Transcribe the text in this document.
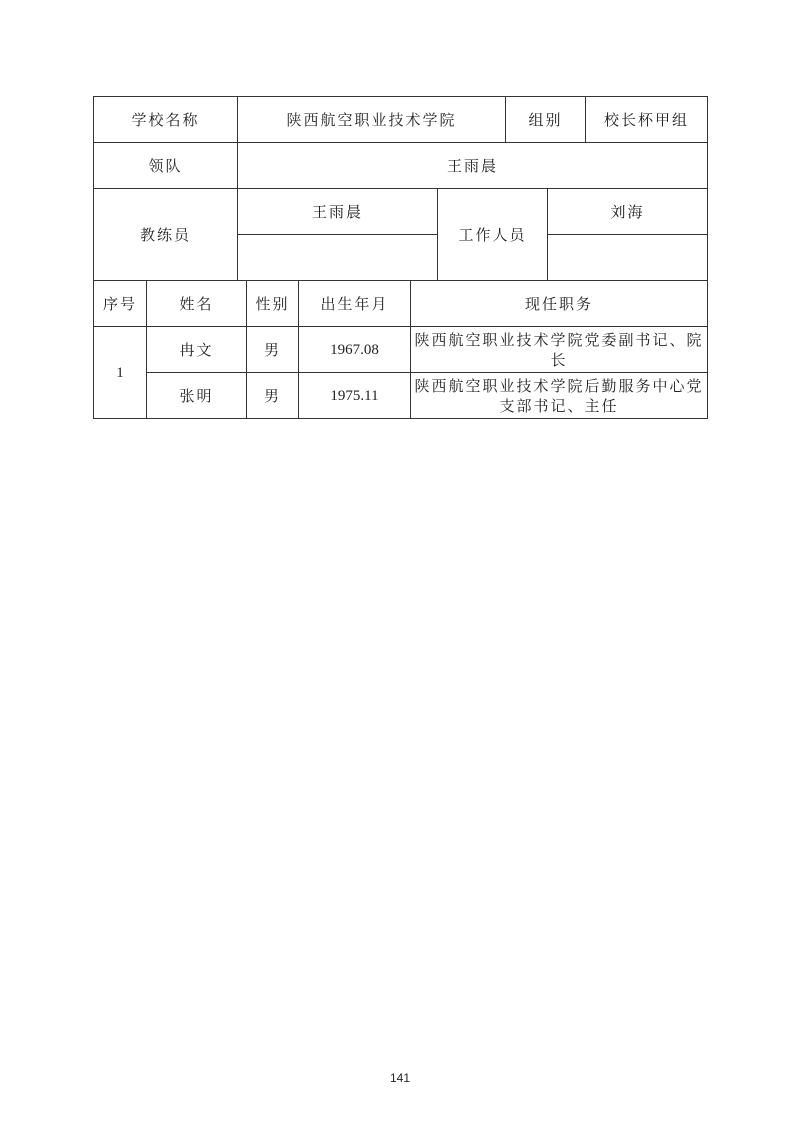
学校名称	陕西航空职业技术学院	组别	校长杯甲组
领队	王雨晨		
教练员	王雨晨	工作人员	刘海

序号	姓名	性别	出生年月	现任职务
1	冉文	男	1967.08	陕西航空职业技术学院党委副书记、院长
	张明	男	1975.11	陕西航空职业技术学院后勤服务中心党支部书记、主任
141
